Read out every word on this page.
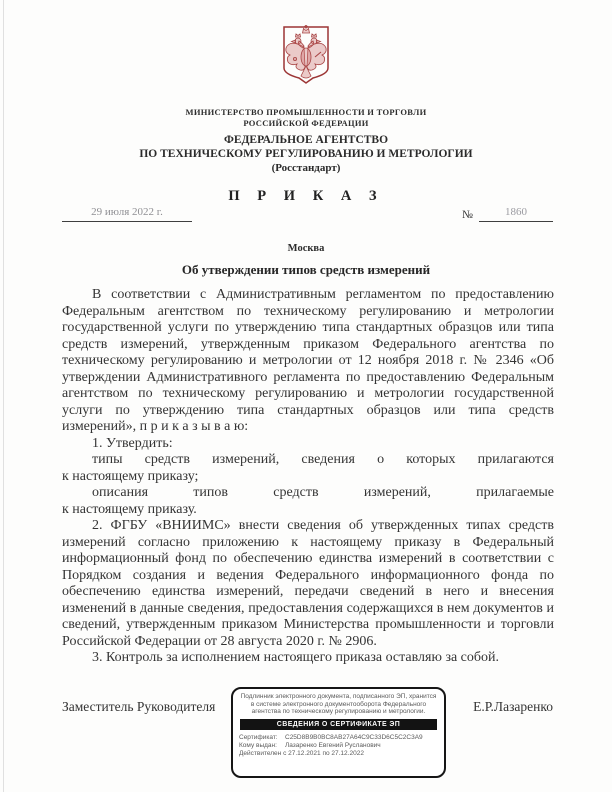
МИНИСТЕРСТВО ПРОМЫШЛЕННОСТИ И ТОРГОВЛИ
РОССИЙСКОЙ ФЕДЕРАЦИИ
ФЕДЕРАЛЬНОЕ АГЕНТСТВО
ПО ТЕХНИЧЕСКОМУ РЕГУЛИРОВАНИЮ И МЕТРОЛОГИИ
(Росстандарт)
П Р И К А З
29 июля 2022 г.	№	1860
Москва
Об утверждении типов средств измерений

В соответствии с Административным регламентом по предоставлению Федеральным агентством по техническому регулированию и метрологии государственной услуги по утверждению типа стандартных образцов или типа средств измерений, утвержденным приказом Федерального агентства по техническому регулированию и метрологии от 12 ноября 2018 г. № 2346 «Об утверждении Административного регламента по предоставлению Федеральным агентством по техническому регулированию и метрологии государственной услуги по утверждению типа стандартных образцов или типа средств измерений», п р и к а з ы в а ю:

1. Утвердить:

типы средств измерений, сведения о которых прилагаются

к настоящему приказу;

описания типов средств измерений, прилагаемые

к настоящему приказу.

2. ФГБУ «ВНИИМС» внести сведения об утвержденных типах средств измерений согласно приложению к настоящему приказу в Федеральный информационный фонд по обеспечению единства измерений в соответствии с Порядком создания и ведения Федерального информационного фонда по обеспечению единства измерений, передачи сведений в него и внесения изменений в данные сведения, предоставления содержащихся в нем документов и сведений, утвержденным приказом Министерства промышленности и торговли Российской Федерации от 28 августа 2020 г. № 2906.

3. Контроль за исполнением настоящего приказа оставляю за собой.

Заместитель Руководителя	Е.Р.Лазаренко
Подлинник электронного документа, подписанного ЭП, хранится в системе электронного документооборота Федерального агентства по техническому регулированию и метрологии.
СВЕДЕНИЯ О СЕРТИФИКАТЕ ЭП
Сертификат: C25D8B9B0BC8AB27A64C9C33D6C5C2C3A9
Кому выдан: Лазаренко Евгений Русланович
Действителен с 27.12.2021 по 27.12.2022
